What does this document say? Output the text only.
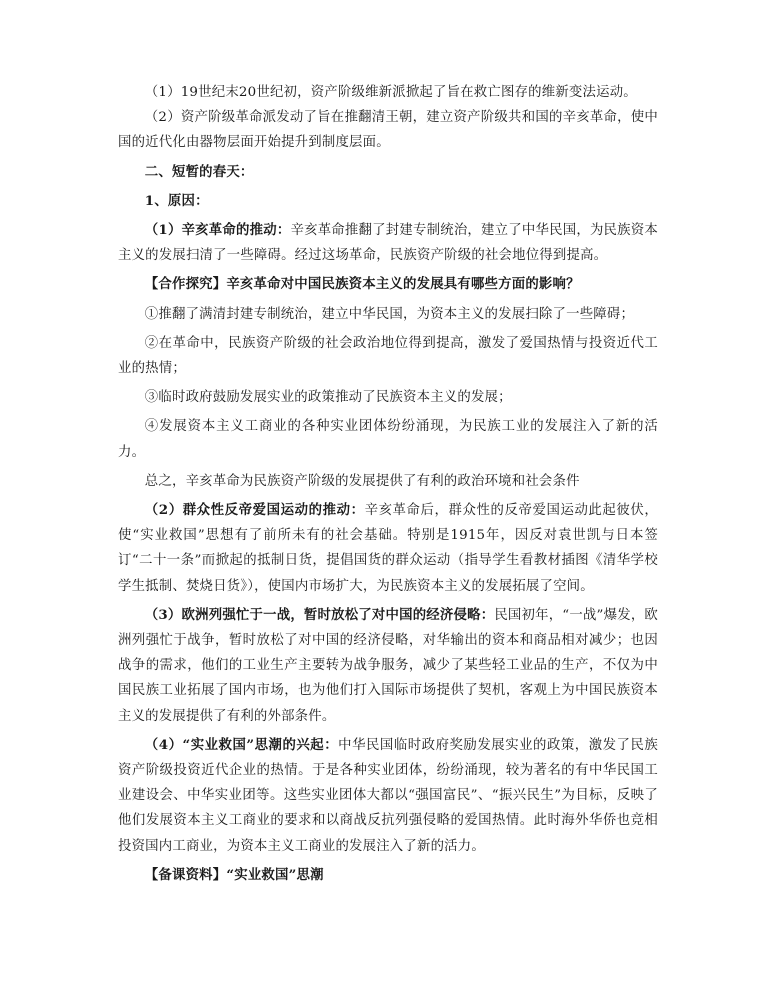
（1）19世纪末20世纪初，资产阶级维新派掀起了旨在救亡图存的维新变法运动。

（2）资产阶级革命派发动了旨在推翻清王朝，建立资产阶级共和国的辛亥革命，使中国的近代化由器物层面开始提升到制度层面。

二、短暂的春天：

1、原因：

（1）辛亥革命的推动：辛亥革命推翻了封建专制统治，建立了中华民国，为民族资本主义的发展扫清了一些障碍。经过这场革命，民族资产阶级的社会地位得到提高。

【合作探究】辛亥革命对中国民族资本主义的发展具有哪些方面的影响？

①推翻了满清封建专制统治，建立中华民国，为资本主义的发展扫除了一些障碍；

②在革命中，民族资产阶级的社会政治地位得到提高，激发了爱国热情与投资近代工业的热情；

③临时政府鼓励发展实业的政策推动了民族资本主义的发展；

④发展资本主义工商业的各种实业团体纷纷涌现，为民族工业的发展注入了新的活力。

总之，辛亥革命为民族资产阶级的发展提供了有利的政治环境和社会条件

（2）群众性反帝爱国运动的推动：辛亥革命后，群众性的反帝爱国运动此起彼伏，使“实业救国”思想有了前所未有的社会基础。特别是1915年，因反对袁世凯与日本签订“二十一条”而掀起的抵制日货，提倡国货的群众运动（指导学生看教材插图《清华学校学生抵制、焚烧日货》），使国内市场扩大，为民族资本主义的发展拓展了空间。

（3）欧洲列强忙于一战，暂时放松了对中国的经济侵略：民国初年，“一战”爆发，欧洲列强忙于战争，暂时放松了对中国的经济侵略，对华输出的资本和商品相对减少；也因战争的需求，他们的工业生产主要转为战争服务，减少了某些轻工业品的生产，不仅为中国民族工业拓展了国内市场，也为他们打入国际市场提供了契机，客观上为中国民族资本主义的发展提供了有利的外部条件。

（4）“实业救国”思潮的兴起：中华民国临时政府奖励发展实业的政策，激发了民族资产阶级投资近代企业的热情。于是各种实业团体，纷纷涌现，较为著名的有中华民国工业建设会、中华实业团等。这些实业团体大都以“强国富民”、“振兴民生”为目标，反映了他们发展资本主义工商业的要求和以商战反抗列强侵略的爱国热情。此时海外华侨也竞相投资国内工商业，为资本主义工商业的发展注入了新的活力。

【备课资料】“实业救国”思潮
